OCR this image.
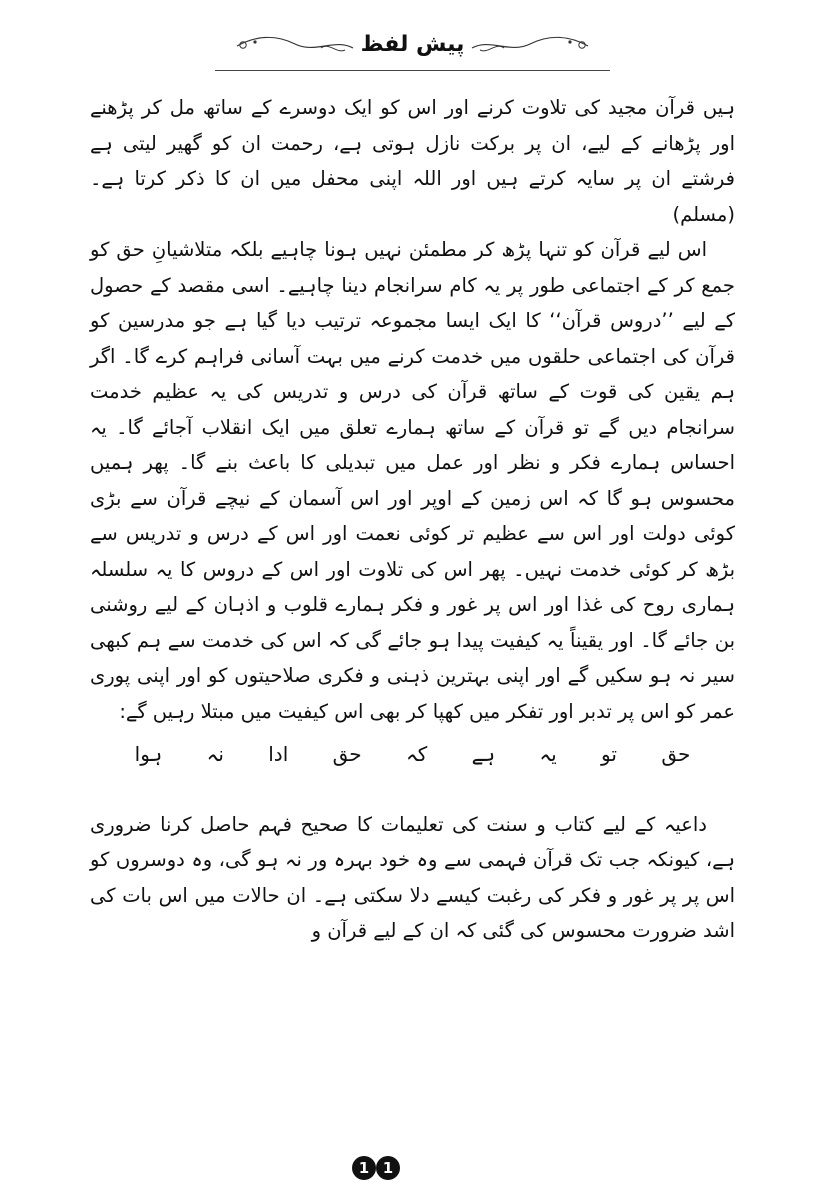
پیش لفظ

ہیں قرآن مجید کی تلاوت کرنے اور اس کو ایک دوسرے کے ساتھ مل کر پڑھنے اور پڑھانے کے لیے، ان پر برکت نازل ہوتی ہے، رحمت ان کو گھیر لیتی ہے فرشتے ان پر سایہ کرتے ہیں اور اللہ اپنی محفل میں ان کا ذکر کرتا ہے۔(مسلم)

اس لیے قرآن کو تنہا پڑھ کر مطمئن نہیں ہونا چاہیے بلکہ متلاشیانِ حق کو جمع کر کے اجتماعی طور پر یہ کام سرانجام دینا چاہیے۔ اسی مقصد کے حصول کے لیے ’’دروس قرآن‘‘ کا ایک ایسا مجموعہ ترتیب دیا گیا ہے جو مدرسین کو قرآن کی اجتماعی حلقوں میں خدمت کرنے میں بہت آسانی فراہم کرے گا۔ اگر ہم یقین کی قوت کے ساتھ قرآن کی درس و تدریس کی یہ عظیم خدمت سرانجام دیں گے تو قرآن کے ساتھ ہمارے تعلق میں ایک انقلاب آجائے گا۔ یہ احساس ہمارے فکر و نظر اور عمل میں تبدیلی کا باعث بنے گا۔ پھر ہمیں محسوس ہو گا کہ اس زمین کے اوپر اور اس آسمان کے نیچے قرآن سے بڑی کوئی دولت اور اس سے عظیم تر کوئی نعمت اور اس کے درس و تدریس سے بڑھ کر کوئی خدمت نہیں۔ پھر اس کی تلاوت اور اس کے دروس کا یہ سلسلہ ہماری روح کی غذا اور اس پر غور و فکر ہمارے قلوب و اذہان کے لیے روشنی بن جائے گا۔ اور یقیناً یہ کیفیت پیدا ہو جائے گی کہ اس کی خدمت سے ہم کبھی سیر نہ ہو سکیں گے اور اپنی بہترین ذہنی و فکری صلاحیتوں کو اور اپنی پوری عمر کو اس پر تدبر اور تفکر میں کھپا کر بھی اس کیفیت میں مبتلا رہیں گے:

حق تو یہ ہے کہ حق ادا نہ ہوا

داعیہ کے لیے کتاب و سنت کی تعلیمات کا صحیح فہم حاصل کرنا ضروری ہے، کیونکہ جب تک قرآن فہمی سے وہ خود بہرہ ور نہ ہو گی، وہ دوسروں کو اس پر پر غور و فکر کی رغبت کیسے دلا سکتی ہے۔ ان حالات میں اس بات کی اشد ضرورت محسوس کی گئی کہ ان کے لیے قرآن و

1 1
